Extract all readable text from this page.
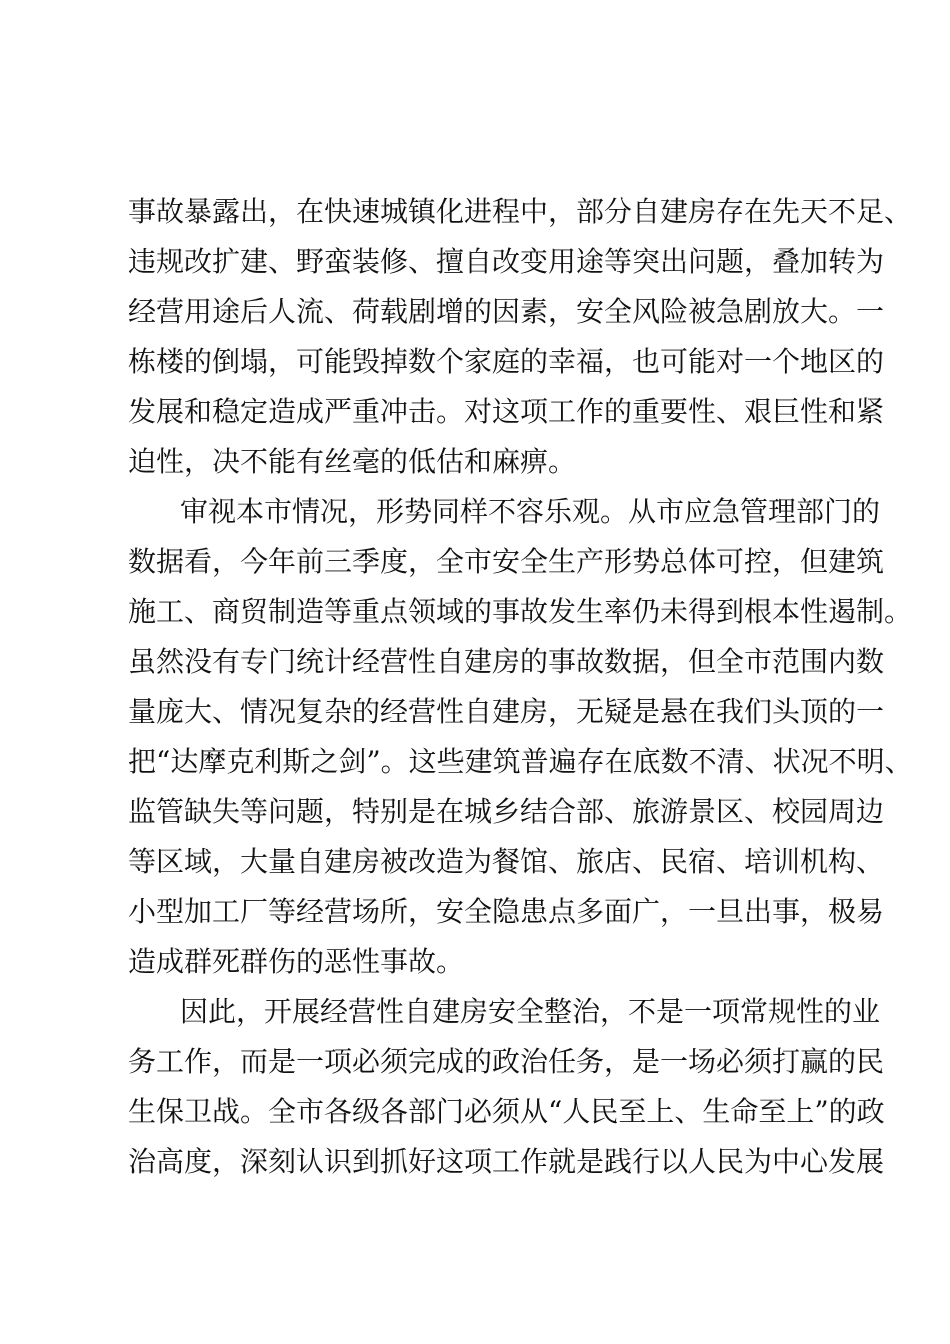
事故暴露出，在快速城镇化进程中，部分自建房存在先天不足、
违规改扩建、野蛮装修、擅自改变用途等突出问题，叠加转为
经营用途后人流、荷载剧增的因素，安全风险被急剧放大。一
栋楼的倒塌，可能毁掉数个家庭的幸福，也可能对一个地区的
发展和稳定造成严重冲击。对这项工作的重要性、艰巨性和紧
迫性，决不能有丝毫的低估和麻痹。
审视本市情况，形势同样不容乐观。从市应急管理部门的
数据看，今年前三季度，全市安全生产形势总体可控，但建筑
施工、商贸制造等重点领域的事故发生率仍未得到根本性遏制。
虽然没有专门统计经营性自建房的事故数据，但全市范围内数
量庞大、情况复杂的经营性自建房，无疑是悬在我们头顶的一
把“达摩克利斯之剑”。这些建筑普遍存在底数不清、状况不明、
监管缺失等问题，特别是在城乡结合部、旅游景区、校园周边
等区域，大量自建房被改造为餐馆、旅店、民宿、培训机构、
小型加工厂等经营场所，安全隐患点多面广，一旦出事，极易
造成群死群伤的恶性事故。
因此，开展经营性自建房安全整治，不是一项常规性的业
务工作，而是一项必须完成的政治任务，是一场必须打赢的民
生保卫战。全市各级各部门必须从“人民至上、生命至上”的政
治高度，深刻认识到抓好这项工作就是践行以人民为中心发展
